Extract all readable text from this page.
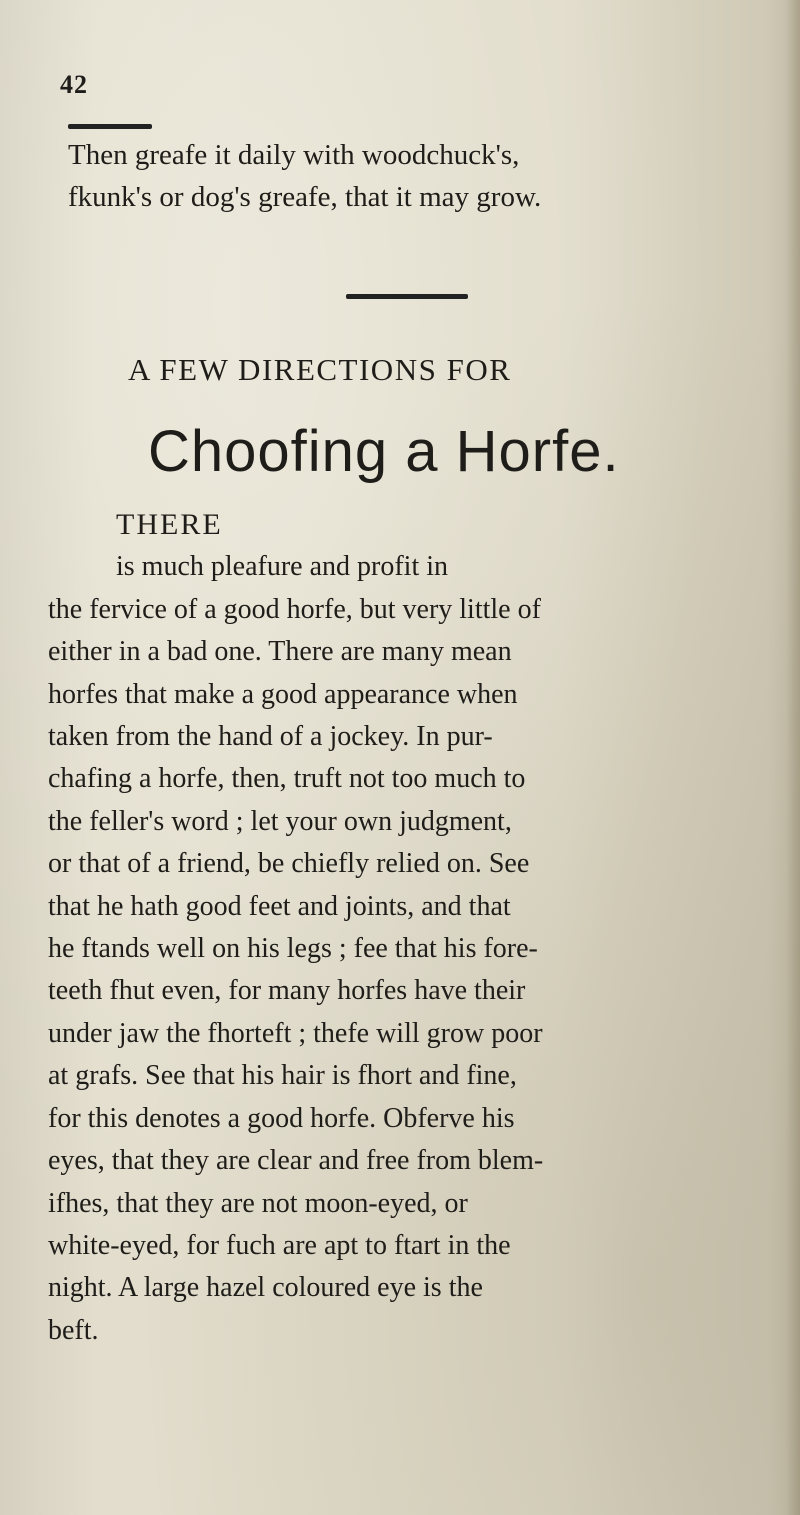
42

Then greafe it daily with woodchuck's,
fkunk's or dog's greafe, that it may grow.

A FEW DIRECTIONS FOR
Choofing a Horfe.

THERE
is much pleafure and profit in
the fervice of a good horfe, but very little of
either in a bad one. There are many mean
horfes that make a good appearance when
taken from the hand of a jockey. In pur-
chafing a horfe, then, truft not too much to
the feller's word ; let your own judgment,
or that of a friend, be chiefly relied on. See
that he hath good feet and joints, and that
he ftands well on his legs ; fee that his fore-
teeth fhut even, for many horfes have their
under jaw the fhorteft ; thefe will grow poor
at grafs. See that his hair is fhort and fine,
for this denotes a good horfe. Obferve his
eyes, that they are clear and free from blem-
ifhes, that they are not moon-eyed, or
white-eyed, for fuch are apt to ftart in the
night. A large hazel coloured eye is the
beft.
